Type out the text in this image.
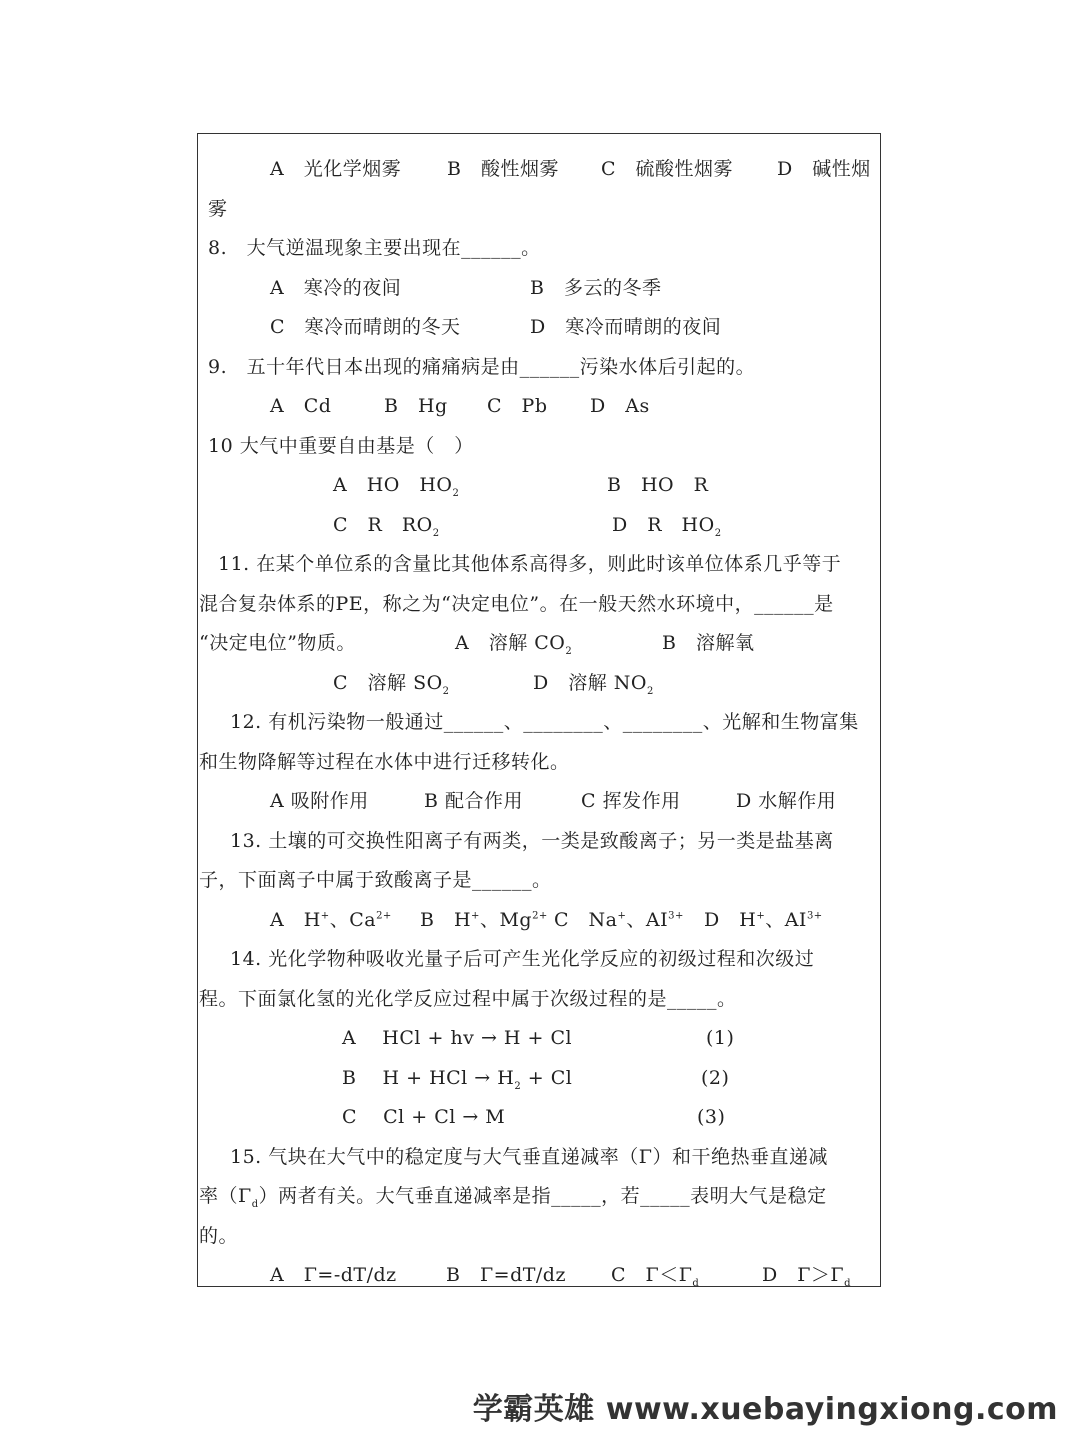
A　光化学烟雾 B　酸性烟雾 C　硫酸性烟雾 D　碱性烟
雾
8.　大气逆温现象主要出现在______。
A　寒冷的夜间	B　多云的冬季
C　寒冷而晴朗的冬天	D　寒冷而晴朗的夜间
9.　五十年代日本出现的痛痛病是由______污染水体后引起的。
A　Cd	B　Hg C　Pb D　As
10 大气中重要自由基是（　）
A　HO　$HO_2$	B　HO　R
C　R　$RO_2$	D　R　$HO_2$
11. 在某个单位系的含量比其他体系高得多，则此时该单位体系几乎等于
混合复杂体系的PE，称之为“决定电位”。在一般天然水环境中，______是
“决定电位”物质。	A　溶解 $CO_2$	B　溶解氧
C　溶解 $SO_2$	D　溶解 $NO_2$
12. 有机污染物一般通过______、________、________、光解和生物富集
和生物降解等过程在水体中进行迁移转化。
A 吸附作用	B 配合作用	C 挥发作用	D 水解作用
13. 土壤的可交换性阳离子有两类，一类是致酸离子；另一类是盐基离
子，下面离子中属于致酸离子是______。
A　H+、$Ca^{2+}$ B　H+、$Mg^{2+}$ C　Na+、$AI^{3+}$ D　H+、$AI^{3+}$
14. 光化学物种吸收光量子后可产生光化学反应的初级过程和次级过
程。下面氯化氢的光化学反应过程中属于次级过程的是_____。
A　 HCl + hv → H + Cl	(1)
B　 H + HCl → $H_2 + Cl$	(2)
C　 Cl + Cl → M	(3)
15. 气块在大气中的稳定度与大气垂直递减率（Γ）和干绝热垂直递减
率$(\Gamma_d)$两者有关。大气垂直递减率是指_____，若_____表明大气是稳定
的。
A　Γ=-dT/dz	B　Γ=dT/dz C　$\Gamma<\Gamma_d$	D　$\Gamma>\Gamma_d$
学霸英雄 www.xuebayingxiong.com
